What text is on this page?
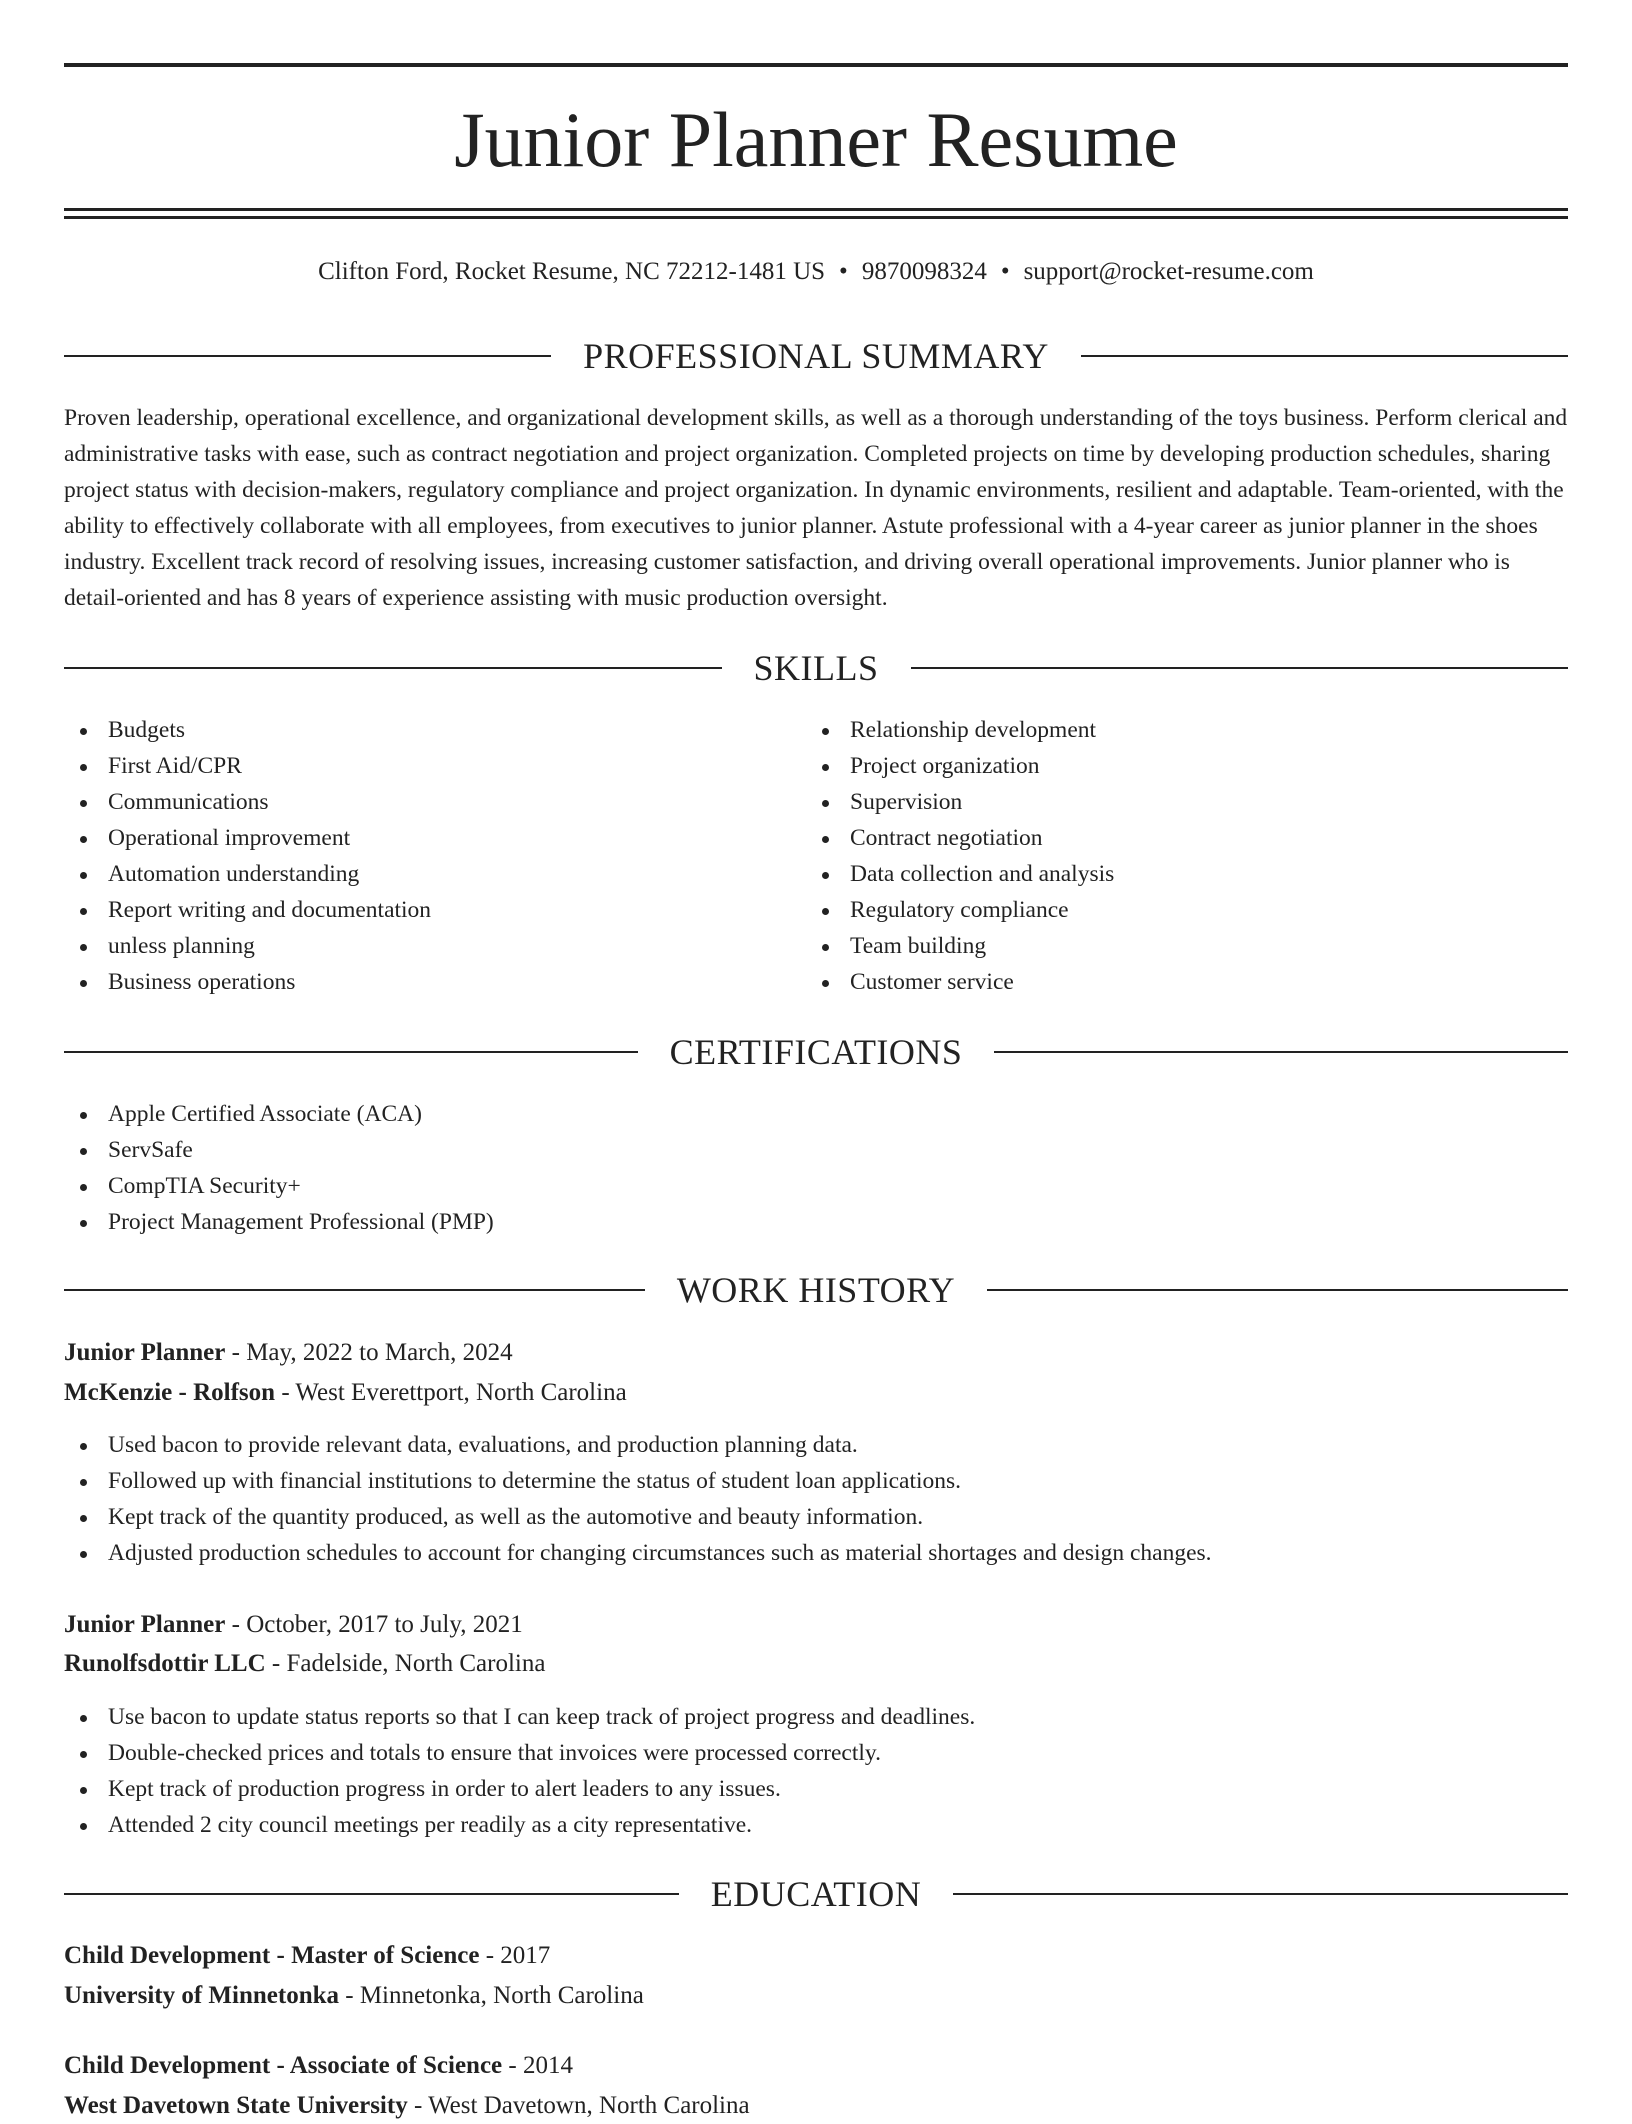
Junior Planner Resume
Clifton Ford, Rocket Resume, NC 72212-1481 US • 9870098324 • support@rocket-resume.com
PROFESSIONAL SUMMARY

Proven leadership, operational excellence, and organizational development skills, as well as a thorough understanding of the toys business. Perform clerical and administrative tasks with ease, such as contract negotiation and project organization. Completed projects on time by developing production schedules, sharing project status with decision-makers, regulatory compliance and project organization. In dynamic environments, resilient and adaptable. Team-oriented, with the ability to effectively collaborate with all employees, from executives to junior planner. Astute professional with a 4-year career as junior planner in the shoes industry. Excellent track record of resolving issues, increasing customer satisfaction, and driving overall operational improvements. Junior planner who is detail-oriented and has 8 years of experience assisting with music production oversight.

SKILLS
Budgets
First Aid/CPR
Communications
Operational improvement
Automation understanding
Report writing and documentation
unless planning
Business operations
Relationship development
Project organization
Supervision
Contract negotiation
Data collection and analysis
Regulatory compliance
Team building
Customer service
CERTIFICATIONS
Apple Certified Associate (ACA)
ServSafe
CompTIA Security+
Project Management Professional (PMP)
WORK HISTORY
Junior Planner - May, 2022 to March, 2024
McKenzie - Rolfson - West Everettport, North Carolina
Used bacon to provide relevant data, evaluations, and production planning data.
Followed up with financial institutions to determine the status of student loan applications.
Kept track of the quantity produced, as well as the automotive and beauty information.
Adjusted production schedules to account for changing circumstances such as material shortages and design changes.
Junior Planner - October, 2017 to July, 2021
Runolfsdottir LLC - Fadelside, North Carolina
Use bacon to update status reports so that I can keep track of project progress and deadlines.
Double-checked prices and totals to ensure that invoices were processed correctly.
Kept track of production progress in order to alert leaders to any issues.
Attended 2 city council meetings per readily as a city representative.
EDUCATION
Child Development - Master of Science - 2017
University of Minnetonka - Minnetonka, North Carolina
Child Development - Associate of Science - 2014
West Davetown State University - West Davetown, North Carolina
